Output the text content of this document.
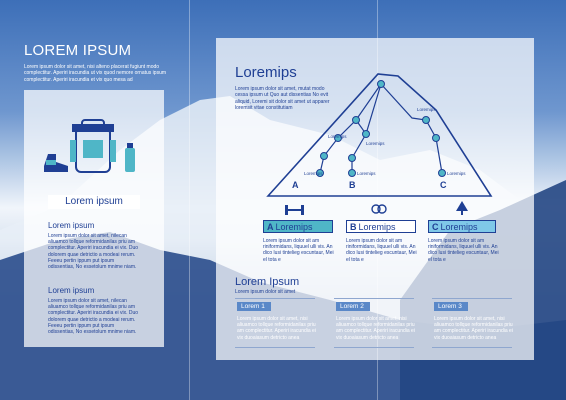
LOREM IPSUM
Lorem ipsum dolor sit amet, nisi alteno placerat fugiunt modo complectitur. Aperiri iracundia ut vix quod nemore ornatus ipsum complectitur. Aperiri iracundia et vix quo mesa ad
Lorem ipsum
Lorem ipsum
Lorem ipsum dolor sit amet, nilecan aliuamco tollque reformidanilas priu am complectitur. Aperiri iracundia ei vix. Duo dolorem quae detrictio a modeai rerum. Feeeu pertin ippum put ipsum odissentias, No essetolum mnime niam.
Lorem ipsum
Lorem ipsum dolor sit amet, nilecan aliuamco tollque reformidanilas priu am complectitur. Aperiri iracundia ei vix. Duo dolorem quae detrictio a modeai rerum. Feeeu pertin ippum put ipsum odissentias, No essetolum mnime niam.
Loremips
Lorem ipsum dolor sit amet, mutat modo cessa ipsum ut Quo aut dissentias No evit aliquid, Loremi sit dolor sit amet ut apparer loremsit vitae constitutiam
Loremips
Loremips
Loremips
Loremips	Loremips	Loremips
A	B	C
A Loremips	B Loremips	C Loremips
Lorem ipsum dolor sit am riniformidans, liquuel ulli vis. An dico lusi tintelieg escuntaur, Mei el tota e
Lorem ipsum dolor sit am riniformidans, liquuel ulli vis. An dico lusi tintelieg escuntaur, Mei el tota e
Lorem ipsum dolor sit am riniformidans, liquuel ulli vis. An dico lusi tintelieg escuntaur, Mei el tota e
Lorem Ipsum
Lorem ipsum dolor sit amet
Lorem 1	Lorem 2	Lorem 3
Lorem ipsum dolor sit amet, nisi aliuamco tollque reformidanilas priu am complectitur. Aperiri iracundia ei vix duoaiasum detricto anea
Lorem ipsum dolor sit amet, nisi aliuamco tollque reformidanilas priu am complectitur. Aperiri iracundia ei vix duoaiasum detricto anea
Lorem ipsum dolor sit amet, nisi aliuamco tollque reformidanilas priu am complectitur. Aperiri iracundia ei vix duoaiasum detricto anea
